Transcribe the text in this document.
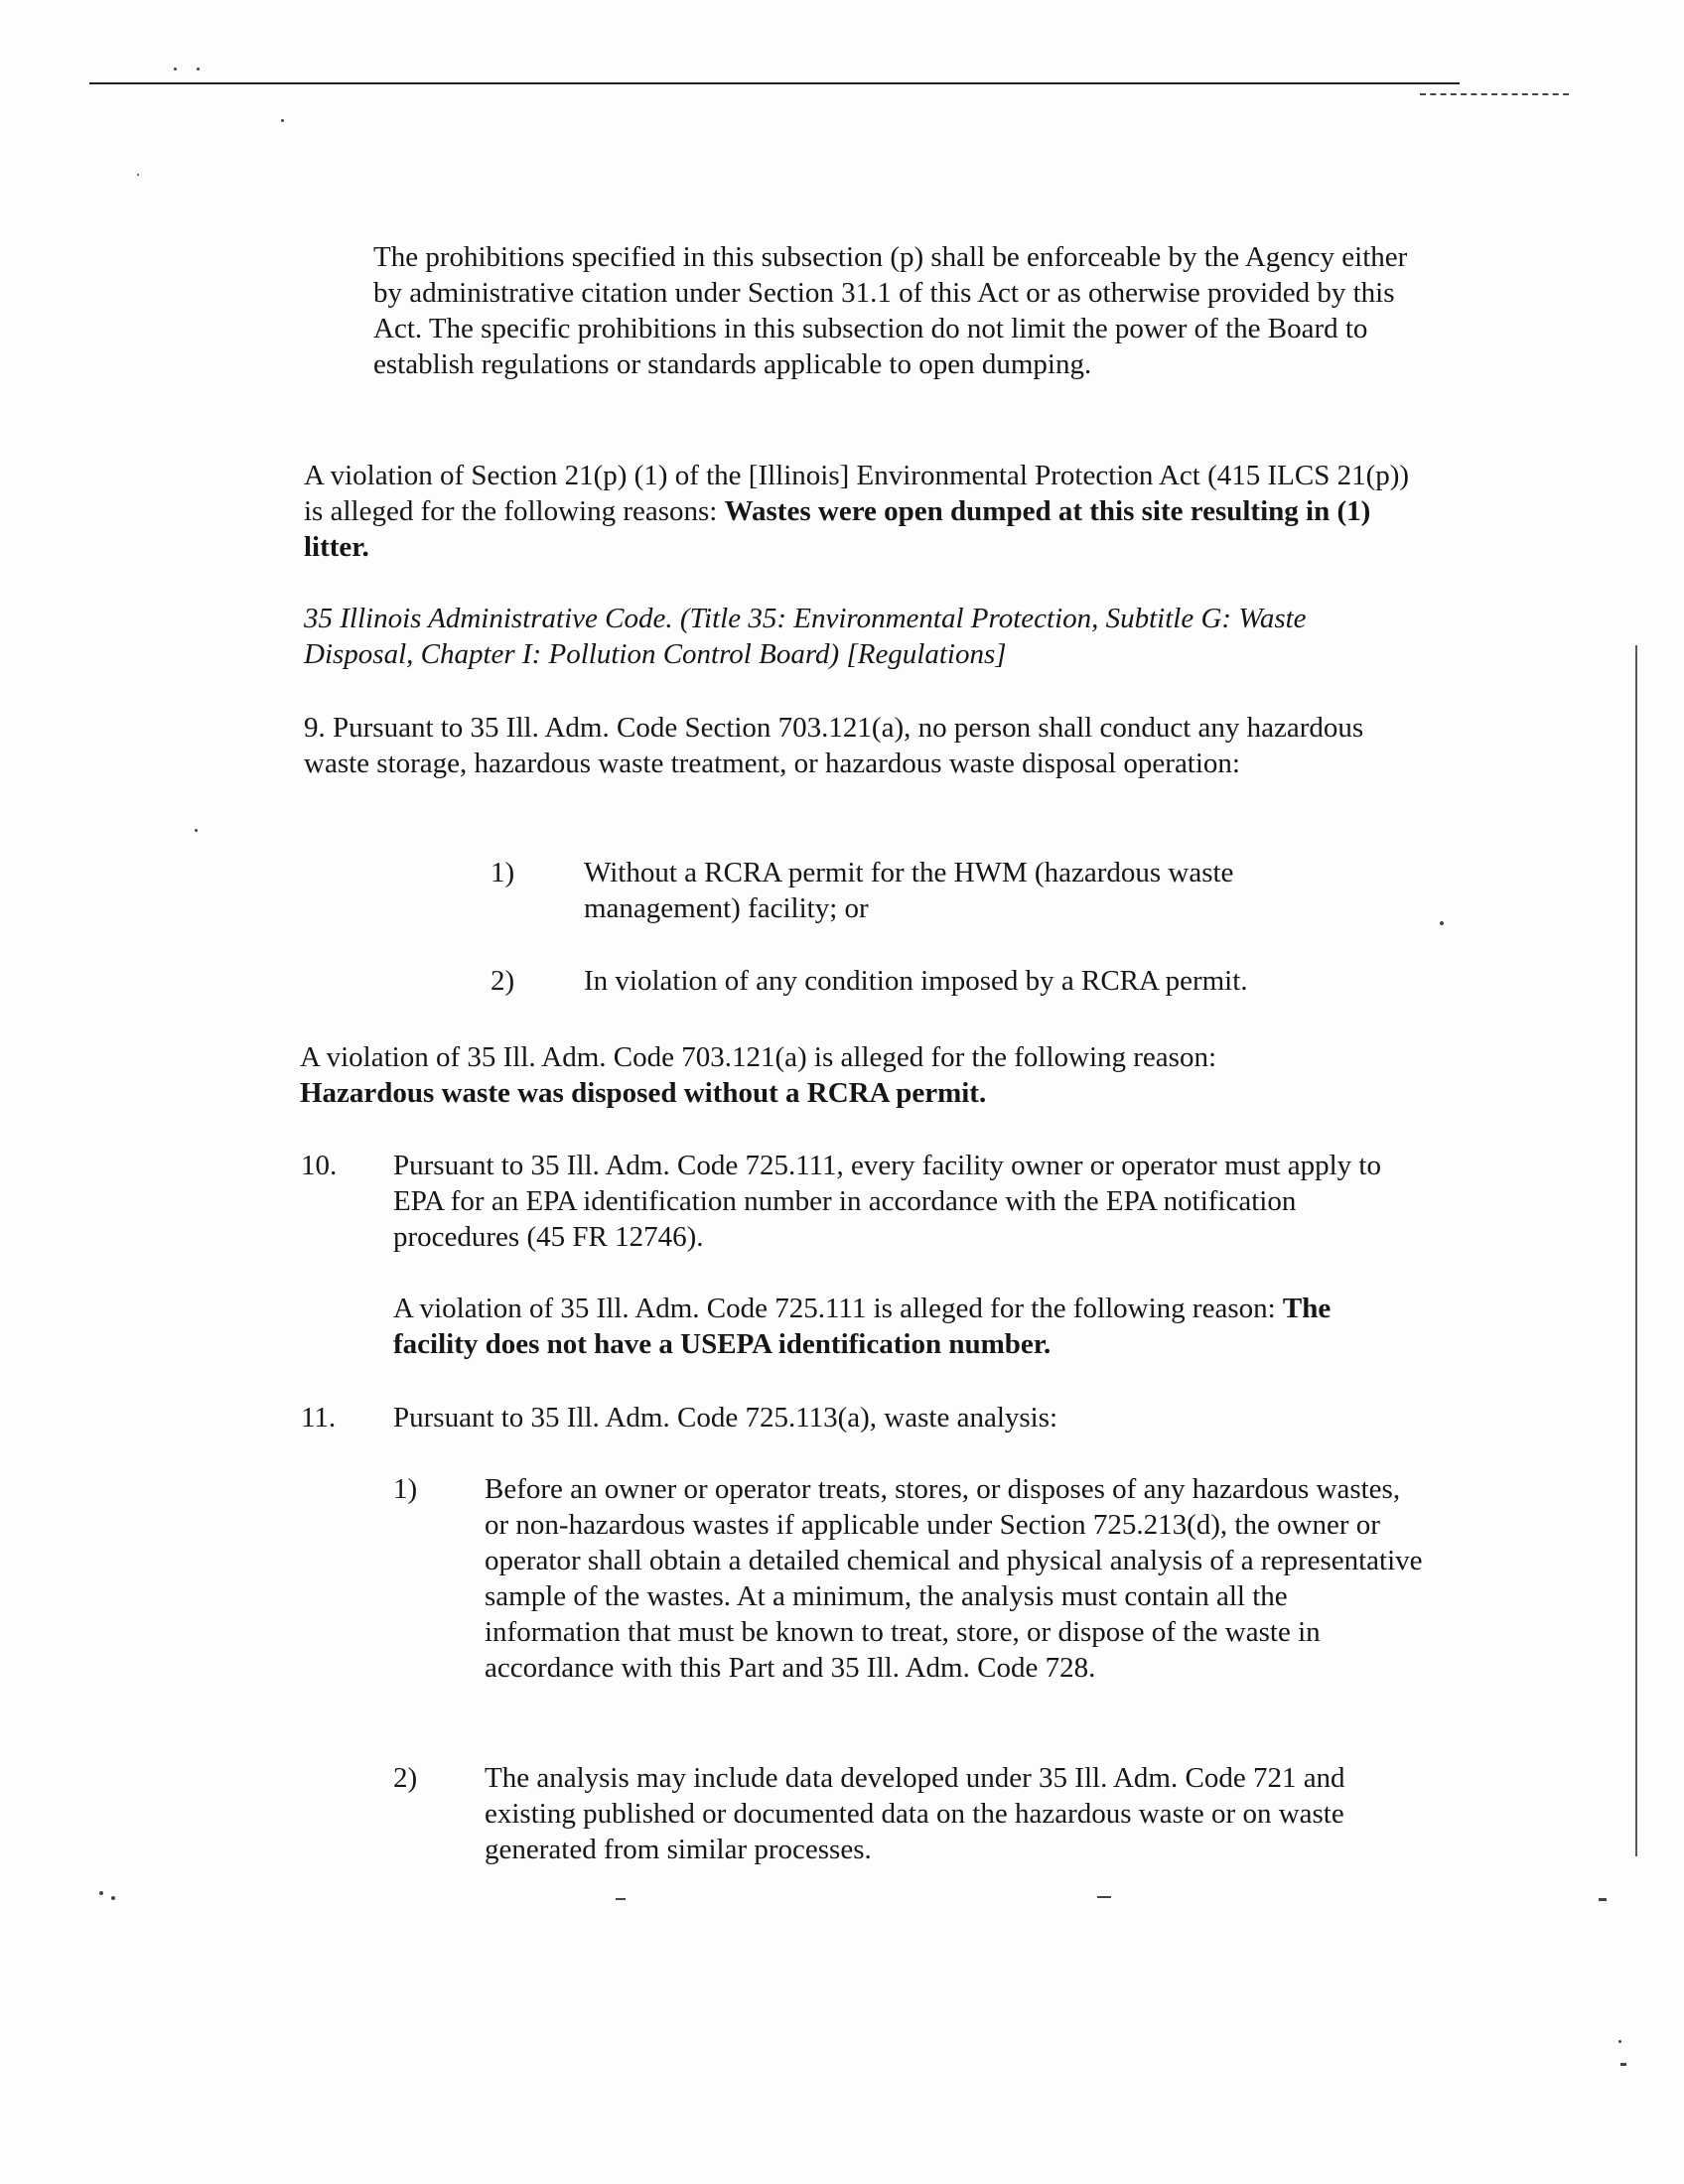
The prohibitions specified in this subsection (p) shall be enforceable by the Agency either by administrative citation under Section 31.1 of this Act or as otherwise provided by this Act. The specific prohibitions in this subsection do not limit the power of the Board to establish regulations or standards applicable to open dumping.

A violation of Section 21(p) (1) of the [Illinois] Environmental Protection Act (415 ILCS 21(p)) is alleged for the following reasons: Wastes were open dumped at this site resulting in (1) litter.

35 Illinois Administrative Code. (Title 35: Environmental Protection, Subtitle G: Waste Disposal, Chapter I: Pollution Control Board) [Regulations]

9. Pursuant to 35 Ill. Adm. Code Section 703.121(a), no person shall conduct any hazardous waste storage, hazardous waste treatment, or hazardous waste disposal operation:

1) Without a RCRA permit for the HWM (hazardous waste management) facility; or

2) In violation of any condition imposed by a RCRA permit.

A violation of 35 Ill. Adm. Code 703.121(a) is alleged for the following reason:

Hazardous waste was disposed without a RCRA permit.

10. Pursuant to 35 Ill. Adm. Code 725.111, every facility owner or operator must apply to EPA for an EPA identification number in accordance with the EPA notification procedures (45 FR 12746).

A violation of 35 Ill. Adm. Code 725.111 is alleged for the following reason: The facility does not have a USEPA identification number.

11. Pursuant to 35 Ill. Adm. Code 725.113(a), waste analysis:

1) Before an owner or operator treats, stores, or disposes of any hazardous wastes, or non-hazardous wastes if applicable under Section 725.213(d), the owner or operator shall obtain a detailed chemical and physical analysis of a representative sample of the wastes. At a minimum, the analysis must contain all the information that must be known to treat, store, or dispose of the waste in accordance with this Part and 35 Ill. Adm. Code 728.

2) The analysis may include data developed under 35 Ill. Adm. Code 721 and existing published or documented data on the hazardous waste or on waste generated from similar processes.
